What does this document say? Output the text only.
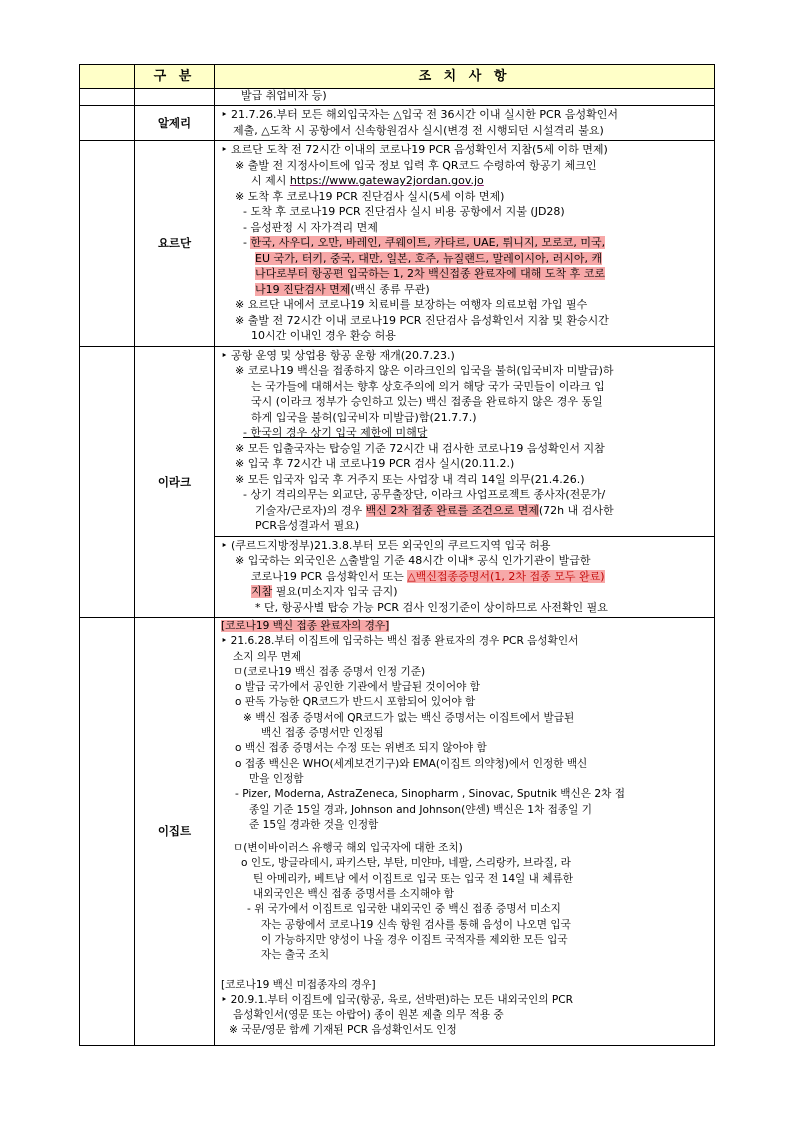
구 분	조 치 사 항

발급 취업비자 등)

알제리

‣ 21.7.26.부터 모든 해외입국자는 △입국 전 36시간 이내 실시한 PCR 음성확인서

제출, △도착 시 공항에서 신속항원검사 실시(변경 전 시행되던 시설격리 불요)

요르단

‣ 요르단 도착 전 72시간 이내의 코로나19 PCR 음성확인서 지참(5세 이하 면제)

※ 출발 전 지정사이트에 입국 정보 입력 후 QR코드 수령하여 항공기 체크인

시 제시 https://www.gateway2jordan.gov.jo

※ 도착 후 코로나19 PCR 진단검사 실시(5세 이하 면제)

- 도착 후 코로나19 PCR 진단검사 실시 비용 공항에서 지불 (JD28)

- 음성판정 시 자가격리 면제

- 한국, 사우디, 오만, 바레인, 쿠웨이트, 카타르, UAE, 튀니지, 모로코, 미국,

EU 국가, 터키, 중국, 대만, 일본, 호주, 뉴질랜드, 말레이시아, 러시아, 캐

나다로부터 항공편 입국하는 1, 2차 백신접종 완료자에 대해 도착 후 코로

나19 진단검사 면제(백신 종류 무관)

※ 요르단 내에서 코로나19 치료비를 보장하는 여행자 의료보험 가입 필수

※ 출발 전 72시간 이내 코로나19 PCR 진단검사 음성확인서 지참 및 환승시간

10시간 이내인 경우 환승 허용

이라크

‣ 공항 운영 및 상업용 항공 운항 재개(20.7.23.)

※ 코로나19 백신을 접종하지 않은 이라크인의 입국을 불허(입국비자 미발급)하

는 국가들에 대해서는 향후 상호주의에 의거 해당 국가 국민들이 이라크 입

국시 (이라크 정부가 승인하고 있는) 백신 접종을 완료하지 않은 경우 동일

하게 입국을 불허(입국비자 미발급)함(21.7.7.)

- 한국의 경우 상기 입국 제한에 미해당

※ 모든 입출국자는 탑승일 기준 72시간 내 검사한 코로나19 음성확인서 지참

※ 입국 후 72시간 내 코로나19 PCR 검사 실시(20.11.2.)

※ 모든 입국자 입국 후 거주지 또는 사업장 내 격리 14일 의무(21.4.26.)

- 상기 격리의무는 외교단, 공무출장단, 이라크 사업프로젝트 종사자(전문가/

기술자/근로자)의 경우 백신 2차 접종 완료를 조건으로 면제(72h 내 검사한

PCR음성결과서 필요)

‣ (쿠르드지방정부)21.3.8.부터 모든 외국인의 쿠르드지역 입국 허용

※ 입국하는 외국인은 △출발일 기준 48시간 이내* 공식 인가기관이 발급한

코로나19 PCR 음성확인서 또는 △백신접종증명서(1, 2차 접종 모두 완료)

지참 필요(미소지자 입국 금지)

* 단, 항공사별 탑승 가능 PCR 검사 인정기준이 상이하므로 사전확인 필요

이집트

[코로나19 백신 접종 완료자의 경우]

‣ 21.6.28.부터 이집트에 입국하는 백신 접종 완료자의 경우 PCR 음성확인서

소지 의무 면제

ㅁ(코로나19 백신 접종 증명서 인정 기준)

o 발급 국가에서 공인한 기관에서 발급된 것이어야 함

o 판독 가능한 QR코드가 반드시 포함되어 있어야 함

※ 백신 접종 증명서에 QR코드가 없는 백신 증명서는 이집트에서 발급된

백신 접종 증명서만 인정됨

o 백신 접종 증명서는 수정 또는 위변조 되지 않아야 함

o 접종 백신은 WHO(세계보건기구)와 EMA(이집트 의약청)에서 인정한 백신

만을 인정함

- Pizer, Moderna, AstraZeneca, Sinopharm , Sinovac, Sputnik 백신은 2차 접

종일 기준 15일 경과, Johnson and Johnson(얀센) 백신은 1차 접종일 기

준 15일 경과한 것을 인정함

ㅁ(변이바이러스 유행국 해외 입국자에 대한 조치)

o 인도, 방글라데시, 파키스탄, 부탄, 미얀마, 네팔, 스리랑카, 브라질, 라

틴 아메리카, 베트남 에서 이집트로 입국 또는 입국 전 14일 내 체류한

내외국인은 백신 접종 증명서를 소지해야 함

- 위 국가에서 이집트로 입국한 내외국인 중 백신 접종 증명서 미소지

자는 공항에서 코로나19 신속 항원 검사를 통해 음성이 나오면 입국

이 가능하지만 양성이 나올 경우 이집트 국적자를 제외한 모든 입국

자는 출국 조치

[코로나19 백신 미접종자의 경우]

‣ 20.9.1.부터 이집트에 입국(항공, 육로, 선박편)하는 모든 내외국인의 PCR

음성확인서(영문 또는 아랍어) 종이 원본 제출 의무 적용 중

※ 국문/영문 함께 기재된 PCR 음성확인서도 인정
